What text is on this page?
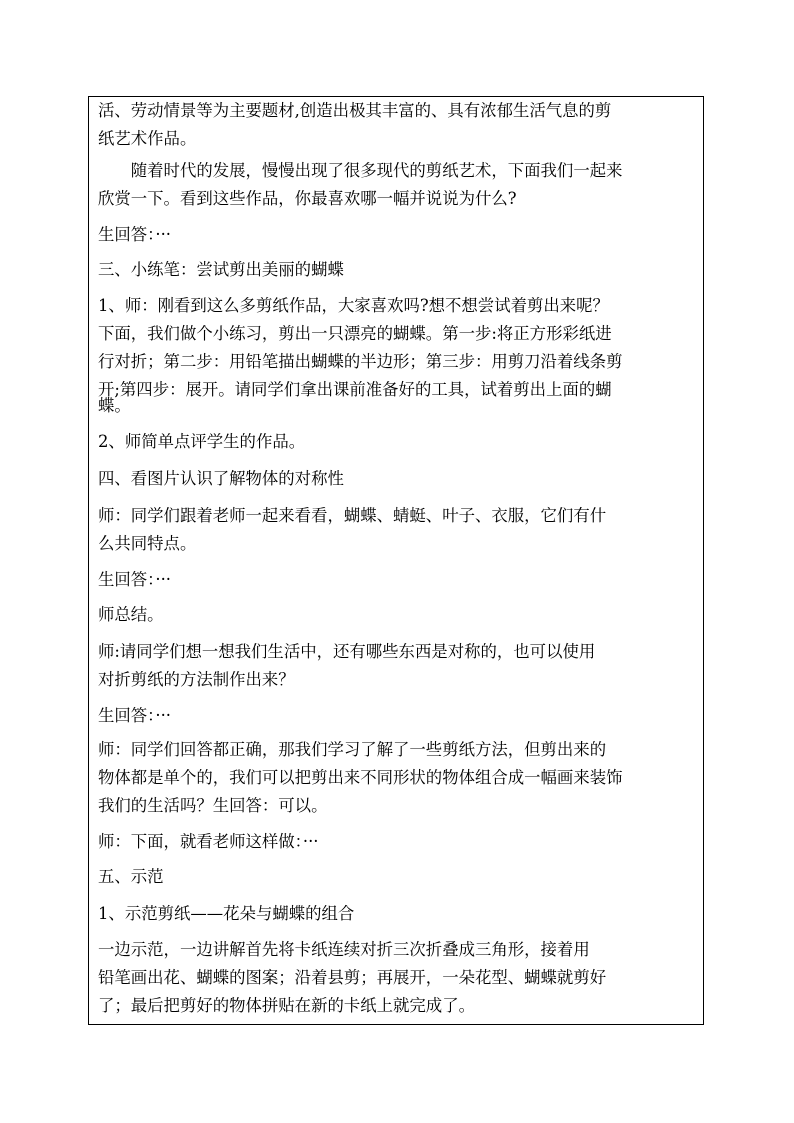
活、劳动情景等为主要题材,创造出极其丰富的、具有浓郁生活气息的剪

纸艺术作品。

　　随着时代的发展，慢慢出现了很多现代的剪纸艺术，下面我们一起来

欣赏一下。看到这些作品，你最喜欢哪一幅并说说为什么?

生回答：···

三、小练笔：尝试剪出美丽的蝴蝶

1、师：刚看到这么多剪纸作品，大家喜欢吗?想不想尝试着剪出来呢？

下面，我们做个小练习，剪出一只漂亮的蝴蝶。第一步:将正方形彩纸进

行对折；第二步：用铅笔描出蝴蝶的半边形；第三步：用剪刀沿着线条剪

开;第四步：展开。请同学们拿出课前准备好的工具，试着剪出上面的蝴

蝶。

2、师简单点评学生的作品。

四、看图片认识了解物体的对称性

师：同学们跟着老师一起来看看，蝴蝶、蜻蜓、叶子、衣服，它们有什

么共同特点。

生回答：···

师总结。

师:请同学们想一想我们生活中，还有哪些东西是对称的，也可以使用

对折剪纸的方法制作出来？

生回答：···

师：同学们回答都正确，那我们学习了解了一些剪纸方法，但剪出来的

物体都是单个的，我们可以把剪出来不同形状的物体组合成一幅画来装饰

我们的生活吗？生回答：可以。

师：下面，就看老师这样做：···

五、示范

1、示范剪纸——花朵与蝴蝶的组合

一边示范，一边讲解首先将卡纸连续对折三次折叠成三角形，接着用

铅笔画出花、蝴蝶的图案；沿着县剪；再展开，一朵花型、蝴蝶就剪好

了；最后把剪好的物体拼贴在新的卡纸上就完成了。
